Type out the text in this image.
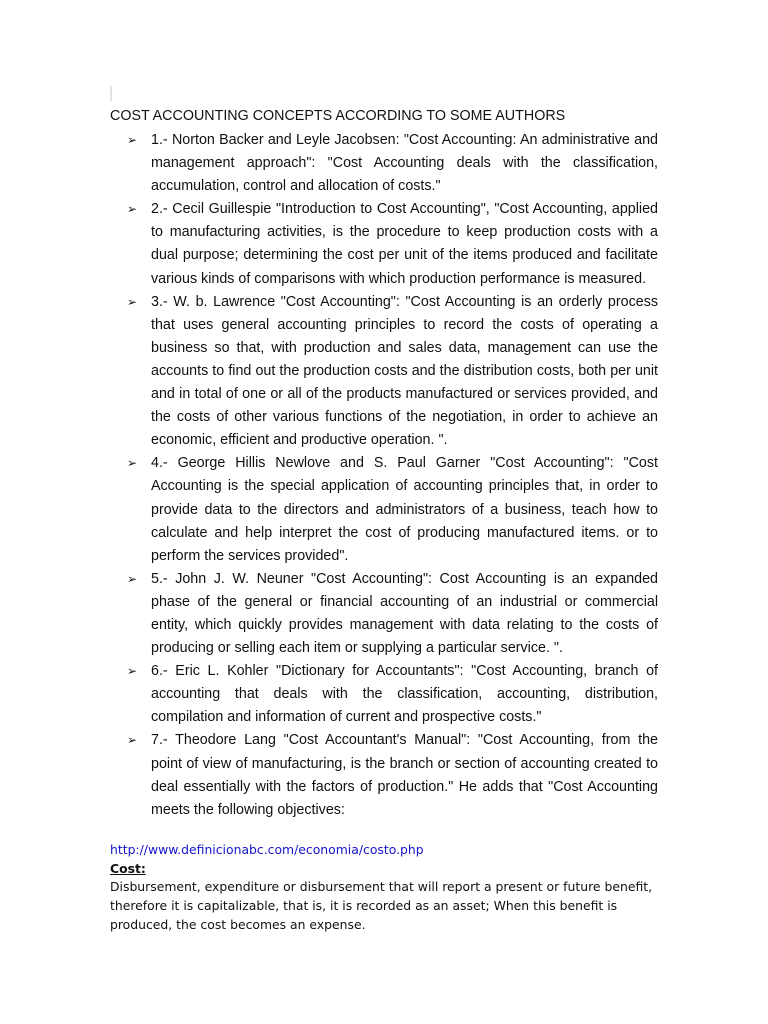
COST ACCOUNTING CONCEPTS ACCORDING TO SOME AUTHORS
➢ 1.- Norton Backer and Leyle Jacobsen: "Cost Accounting: An administrative and management approach": "Cost Accounting deals with the classification, accumulation, control and allocation of costs."
➢ 2.- Cecil Guillespie "Introduction to Cost Accounting", "Cost Accounting, applied to manufacturing activities, is the procedure to keep production costs with a dual purpose; determining the cost per unit of the items produced and facilitate various kinds of comparisons with which production performance is measured.
➢ 3.- W. b. Lawrence "Cost Accounting": "Cost Accounting is an orderly process that uses general accounting principles to record the costs of operating a business so that, with production and sales data, management can use the accounts to find out the production costs and the distribution costs, both per unit and in total of one or all of the products manufactured or services provided, and the costs of other various functions of the negotiation, in order to achieve an economic, efficient and productive operation. ".
➢ 4.- George Hillis Newlove and S. Paul Garner "Cost Accounting": "Cost Accounting is the special application of accounting principles that, in order to provide data to the directors and administrators of a business, teach how to calculate and help interpret the cost of producing manufactured items. or to perform the services provided".
➢ 5.- John J. W. Neuner "Cost Accounting": Cost Accounting is an expanded phase of the general or financial accounting of an industrial or commercial entity, which quickly provides management with data relating to the costs of producing or selling each item or supplying a particular service. ".
➢ 6.- Eric L. Kohler "Dictionary for Accountants": "Cost Accounting, branch of accounting that deals with the classification, accounting, distribution, compilation and information of current and prospective costs."
➢ 7.- Theodore Lang "Cost Accountant's Manual": "Cost Accounting, from the point of view of manufacturing, is the branch or section of accounting created to deal essentially with the factors of production." He adds that "Cost Accounting meets the following objectives:
http://www.definicionabc.com/economia/costo.php
Cost:
Disbursement, expenditure or disbursement that will report a present or future benefit, therefore it is capitalizable, that is, it is recorded as an asset; When this benefit is produced, the cost becomes an expense.
